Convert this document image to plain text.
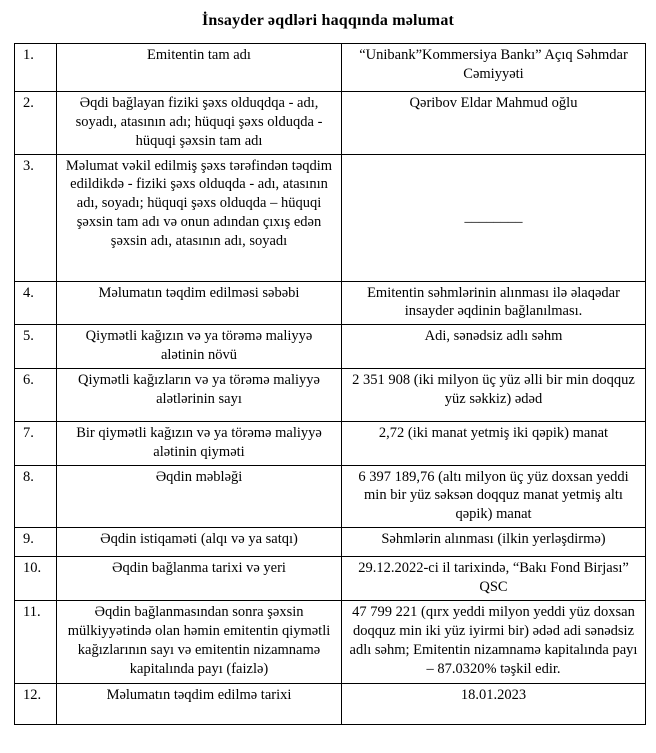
İnsayder əqdləri haqqında məlumat
1.	Emitentin tam adı	“Unibank”Kommersiya Bankı” Açıq Səhmdar Cəmiyyəti
2.	Əqdi bağlayan fiziki şəxs olduqdqa - adı, soyadı, atasının adı; hüquqi şəxs olduqda - hüquqi şəxsin tam adı	Qəribov Eldar Mahmud oğlu
3.	Məlumat vəkil edilmiş şəxs tərəfindən təqdim edildikdə - fiziki şəxs olduqda - adı, atasının adı, soyadı; hüquqi şəxs olduqda – hüquqi şəxsin tam adı və onun adından çıxış edən şəxsin adı, atasının adı, soyadı	________
4.	Məlumatın təqdim edilməsi səbəbi	Emitentin səhmlərinin alınması ilə əlaqədar insayder əqdinin bağlanılması.
5.	Qiymətli kağızın və ya törəmə maliyyə alətinin növü	Adi, sənədsiz adlı səhm
6.	Qiymətli kağızların və ya törəmə maliyyə alətlərinin sayı	2 351 908 (iki milyon üç yüz əlli bir min doqquz yüz səkkiz) ədəd
7.	Bir qiymətli kağızın və ya törəmə maliyyə alətinin qiyməti	2,72 (iki manat yetmiş iki qəpik) manat
8.	Əqdin məbləği	6 397 189,76 (altı milyon üç yüz doxsan yeddi min bir yüz səksən doqquz manat yetmiş altı qəpik) manat
9.	Əqdin istiqaməti (alqı və ya satqı)	Səhmlərin alınması (ilkin yerləşdirmə)
10.	Əqdin bağlanma tarixi və yeri	29.12.2022-ci il tarixində, “Bakı Fond Birjası” QSC
11.	Əqdin bağlanmasından sonra şəxsin mülkiyyətində olan həmin emitentin qiymətli kağızlarının sayı və emitentin nizamnamə kapitalında payı (faizlə)	47 799 221 (qırx yeddi milyon yeddi yüz doxsan doqquz min iki yüz iyirmi bir) ədəd adi sənədsiz adlı səhm; Emitentin nizamnamə kapitalında payı – 87.0320% təşkil edir.
12.	Məlumatın təqdim edilmə tarixi	18.01.2023
